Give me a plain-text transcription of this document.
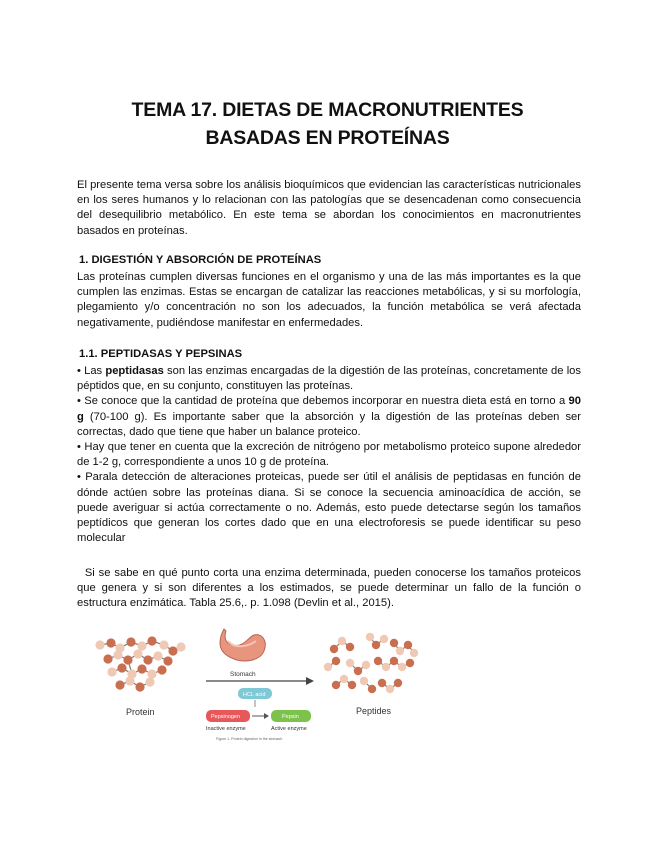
TEMA 17. DIETAS DE MACRONUTRIENTES
BASADAS EN PROTEÍNAS

El presente tema versa sobre los análisis bioquímicos que evidencian las características nutricionales en los seres humanos y lo relacionan con las patologías que se desencadenan como consecuencia del desequilibrio metabólico. En este tema se abordan los conocimientos en macronutrientes basados en proteínas.

1. DIGESTIÓN Y ABSORCIÓN DE PROTEÍNAS

Las proteínas cumplen diversas funciones en el organismo y una de las más importantes es la que cumplen las enzimas. Estas se encargan de catalizar las reacciones metabólicas, y si su morfología, plegamiento y/o concentración no son los adecuados, la función metabólica se verá afectada negativamente, pudiéndose manifestar en enfermedades.

1.1. PEPTIDASAS Y PEPSINAS

• Las peptidasas son las enzimas encargadas de la digestión de las proteínas, concretamente de los péptidos que, en su conjunto, constituyen las proteínas.

• Se conoce que la cantidad de proteína que debemos incorporar en nuestra dieta está en torno a 90 g (70-100 g). Es importante saber que la absorción y la digestión de las proteínas deben ser correctas, dado que tiene que haber un balance proteico.

• Hay que tener en cuenta que la excreción de nitrógeno por metabolismo proteico supone alrededor de 1-2 g, correspondiente a unos 10 g de proteína.

• Parala detección de alteraciones proteicas, puede ser útil el análisis de peptidasas en función de dónde actúen sobre las proteínas diana. Si se conoce la secuencia aminoacídica de acción, se puede averiguar si actúa correctamente o no. Además, esto puede detectarse según los tamaños peptídicos que generan los cortes dado que en una electroforesis se puede identificar su peso molecular

Si se sabe en qué punto corta una enzima determinada, pueden conocerse los tamaños proteicos que genera y si son diferentes a los estimados, se puede determinar un fallo de la función o estructura enzimática. Tabla 25.6,. p. 1.098 (Devlin et al., 2015).

Protein
Stomach
HCL acid
Pepsinogen	Pepsin
Inactive enzyme	Active enzyme
Peptides
Figure 1. Protein digestion in the stomach
